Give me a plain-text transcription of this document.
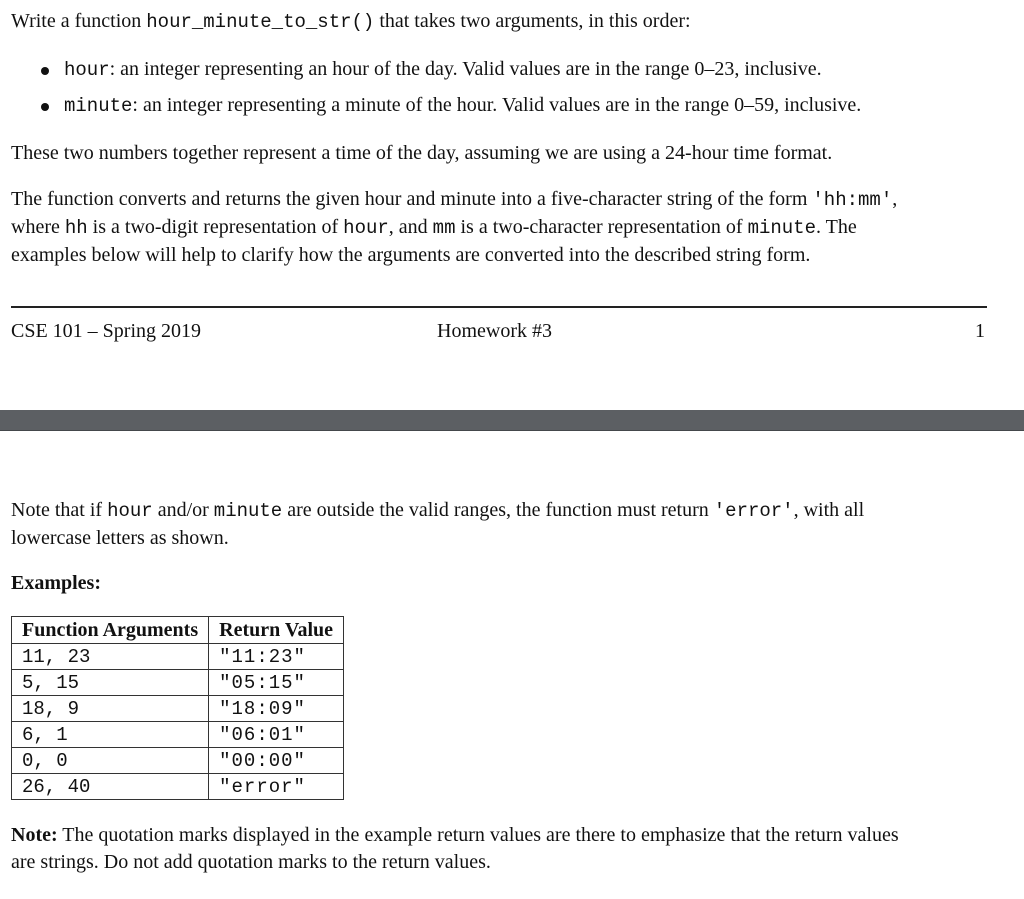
Write a function hour_minute_to_str() that takes two arguments, in this order:

hour: an integer representing an hour of the day. Valid values are in the range 0–23, inclusive.
minute: an integer representing a minute of the hour. Valid values are in the range 0–59, inclusive.

These two numbers together represent a time of the day, assuming we are using a 24-hour time format.

The function converts and returns the given hour and minute into a five-character string of the form 'hh:mm',

where hh is a two-digit representation of hour, and mm is a two-character representation of minute. The

examples below will help to clarify how the arguments are converted into the described string form.

CSE 101 – Spring 2019	Homework #3	1

Note that if hour and/or minute are outside the valid ranges, the function must return 'error', with all

lowercase letters as shown.

Examples:

Function Arguments	Return Value
11, 23	"11:23"
5, 15	"05:15"
18, 9	"18:09"
6, 1	"06:01"
0, 0	"00:00"
26, 40	"error"

Note: The quotation marks displayed in the example return values are there to emphasize that the return values

are strings. Do not add quotation marks to the return values.
